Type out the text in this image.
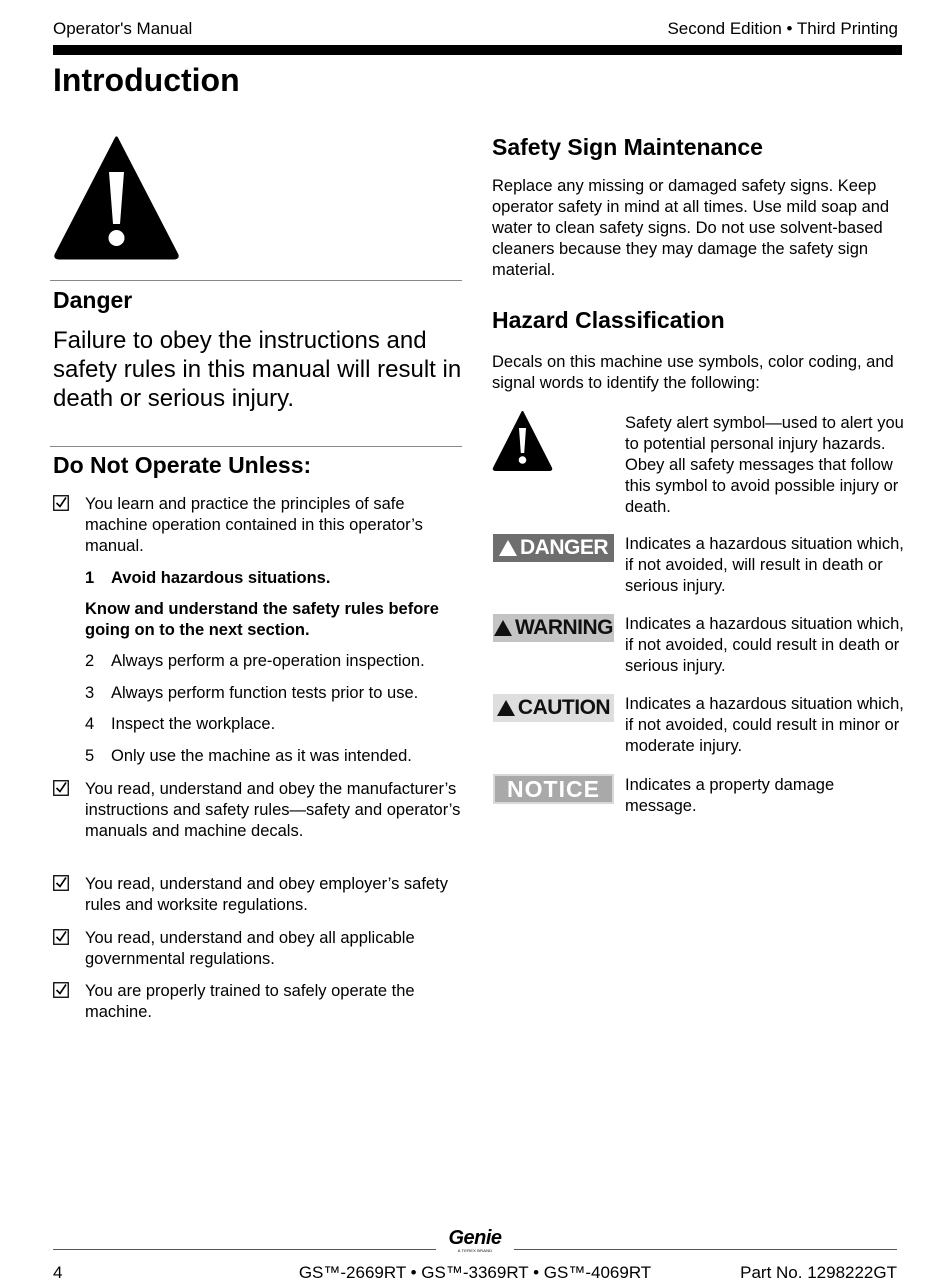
Operator's Manual	Second Edition • Third Printing
Introduction
Danger

Failure to obey the instructions and safety rules in this manual will result in death or serious injury.

Do Not Operate Unless:
You learn and practice the principles of safe machine operation contained in this operator’s manual.
1 Avoid hazardous situations.
Know and understand the safety rules before going on to the next section.
2 Always perform a pre-operation inspection.
3 Always perform function tests prior to use.
4 Inspect the workplace.
5 Only use the machine as it was intended.
You read, understand and obey the manufacturer’s instructions and safety rules—safety and operator’s manuals and machine decals.
You read, understand and obey employer’s safety rules and worksite regulations.
You read, understand and obey all applicable governmental regulations.
You are properly trained to safely operate the machine.
Safety Sign Maintenance

Replace any missing or damaged safety signs. Keep operator safety in mind at all times. Use mild soap and water to clean safety signs. Do not use solvent-based cleaners because they may damage the safety sign material.

Hazard Classification

Decals on this machine use symbols, color coding, and signal words to identify the following:

Safety alert symbol—used to alert you to potential personal injury hazards. Obey all safety messages that follow this symbol to avoid possible injury or death.
DANGER Indicates a hazardous situation which, if not avoided, will result in death or serious injury.
WARNING Indicates a hazardous situation which, if not avoided, could result in death or serious injury.
CAUTION Indicates a hazardous situation which, if not avoided, could result in minor or moderate injury.
NOTICE Indicates a property damage message.
Genie
A TEREX BRAND
GS™-2669RT • GS™-3369RT • GS™-4069RT
4	Part No. 1298222GT
